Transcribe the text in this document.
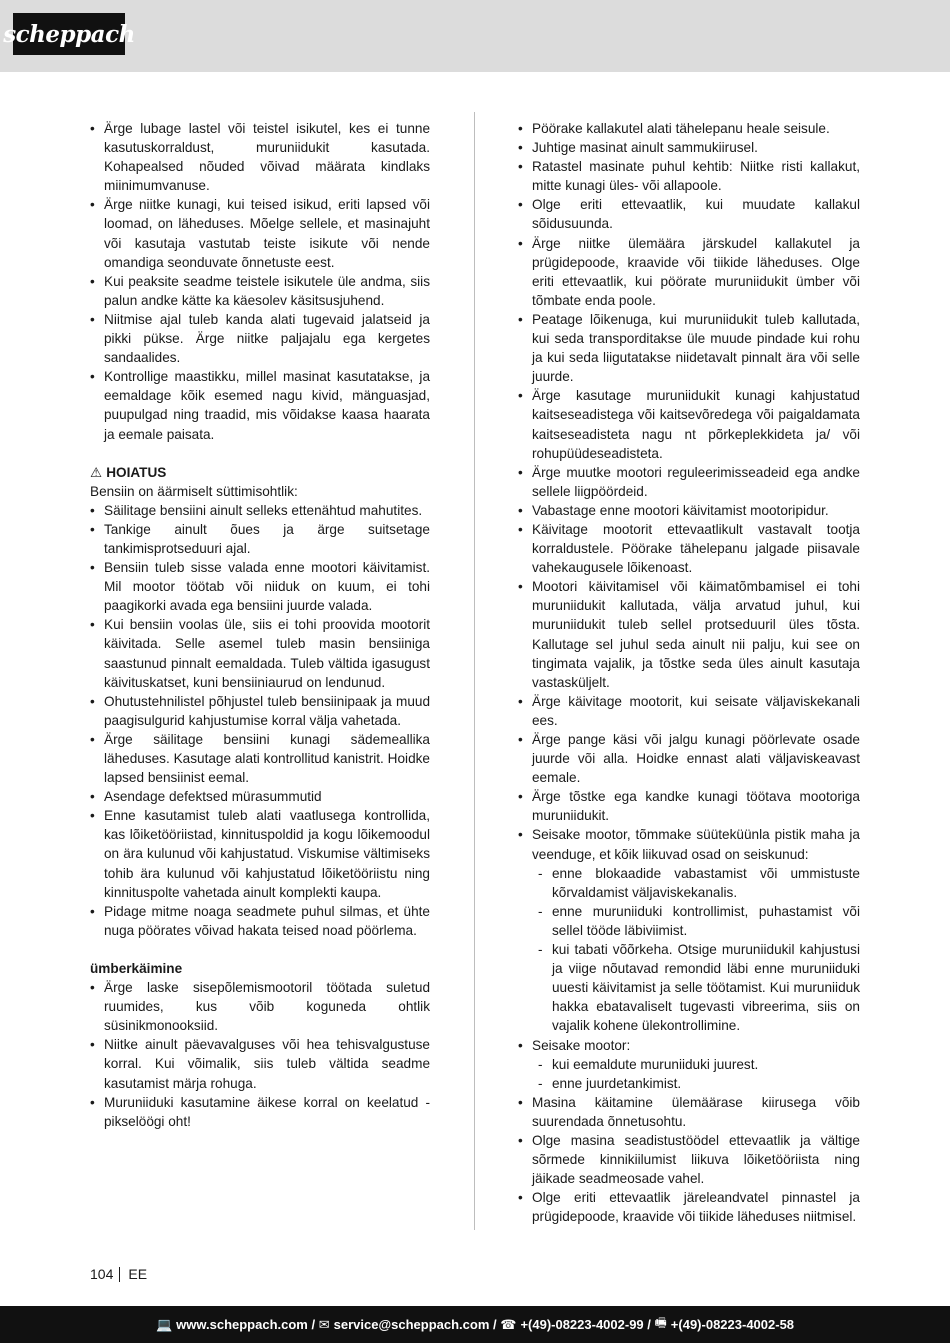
scheppach
• Ärge lubage lastel või teistel isikutel, kes ei tunne kasutuskorraldust, muruniidukit kasutada. Kohapealsed nõuded võivad määrata kindlaks miinimumvanuse.
• Ärge niitke kunagi, kui teised isikud, eriti lapsed või loomad, on läheduses. Mõelge sellele, et masinajuht või kasutaja vastutab teiste isikute või nende omandiga seonduvate õnnetuste eest.
• Kui peaksite seadme teistele isikutele üle andma, siis palun andke kätte ka käesolev käsitsusjuhend.
• Niitmise ajal tuleb kanda alati tugevaid jalatseid ja pikki pükse. Ärge niitke paljajalu ega kergetes sandaalides.
• Kontrollige maastikku, millel masinat kasutatakse, ja eemaldage kõik esemed nagu kivid, mänguasjad, puupulgad ning traadid, mis võidakse kaasa haarata ja eemale paisata.

⚠ HOIATUS

Bensiin on äärmiselt süttimisohtlik:

• Säilitage bensiini ainult selleks ettenähtud mahutites.
• Tankige ainult õues ja ärge suitsetage tankimisprotseduuri ajal.
• Bensiin tuleb sisse valada enne mootori käivitamist. Mil mootor töötab või niiduk on kuum, ei tohi paagikorki avada ega bensiini juurde valada.
• Kui bensiin voolas üle, siis ei tohi proovida mootorit käivitada. Selle asemel tuleb masin bensiiniga saastunud pinnalt eemaldada. Tuleb vältida igasugust käivituskatset, kuni bensiiniaurud on lendunud.
• Ohutustehnilistel põhjustel tuleb bensiinipaak ja muud paagisulgurid kahjustumise korral välja vahetada.
• Ärge säilitage bensiini kunagi sädemeallika läheduses. Kasutage alati kontrollitud kanistrit. Hoidke lapsed bensiinist eemal.
• Asendage defektsed mürasummutid
• Enne kasutamist tuleb alati vaatlusega kontrollida, kas lõiketööriistad, kinnituspoldid ja kogu lõikemoodul on ära kulunud või kahjustatud. Viskumise vältimiseks tohib ära kulunud või kahjustatud lõiketööriistu ning kinnituspolte vahetada ainult komplekti kaupa.
• Pidage mitme noaga seadmete puhul silmas, et ühte nuga pöörates võivad hakata teised noad pöörlema.

ümberkäimine

• Ärge laske sisepõlemismootoril töötada suletud ruumides, kus võib koguneda ohtlik süsinikmonooksiid.
• Niitke ainult päevavalguses või hea tehisvalgustuse korral. Kui võimalik, siis tuleb vältida seadme kasutamist märja rohuga.
• Muruniiduki kasutamine äikese korral on keelatud - pikselöögi oht!
• Pöörake kallakutel alati tähelepanu heale seisule.
• Juhtige masinat ainult sammukiirusel.
• Ratastel masinate puhul kehtib: Niitke risti kallakut, mitte kunagi üles- või allapoole.
• Olge eriti ettevaatlik, kui muudate kallakul sõidusuunda.
• Ärge niitke ülemäära järskudel kallakutel ja prügidepoode, kraavide või tiikide läheduses. Olge eriti ettevaatlik, kui pöörate muruniidukit ümber või tõmbate enda poole.
• Peatage lõikenuga, kui muruniidukit tuleb kallutada, kui seda transporditakse üle muude pindade kui rohu ja kui seda liigutatakse niidetavalt pinnalt ära või selle juurde.
• Ärge kasutage muruniidukit kunagi kahjustatud kaitseseadistega või kaitsevõredega või paigaldamata kaitseseadisteta nagu nt põrkeplekkideta ja/ või rohupüüdeseadisteta.
• Ärge muutke mootori reguleerimisseadeid ega andke sellele liigpöördeid.
• Vabastage enne mootori käivitamist mootoripidur.
• Käivitage mootorit ettevaatlikult vastavalt tootja korraldustele. Pöörake tähelepanu jalgade piisavale vahekaugusele lõikenoast.
• Mootori käivitamisel või käimatõmbamisel ei tohi muruniidukit kallutada, välja arvatud juhul, kui muruniidukit tuleb sellel protseduuril üles tõsta. Kallutage sel juhul seda ainult nii palju, kui see on tingimata vajalik, ja tõstke seda üles ainult kasutaja vastasküljelt.
• Ärge käivitage mootorit, kui seisate väljaviskekanali ees.
• Ärge pange käsi või jalgu kunagi pöörlevate osade juurde või alla. Hoidke ennast alati väljaviskeavast eemale.
• Ärge tõstke ega kandke kunagi töötava mootoriga muruniidukit.
• Seisake mootor, tõmmake süüteküünla pistik maha ja veenduge, et kõik liikuvad osad on seiskunud:
- enne blokaadide vabastamist või ummistuste kõrvaldamist väljaviskekanalis.
- enne muruniiduki kontrollimist, puhastamist või sellel tööde läbiviimist.
- kui tabati võõrkeha. Otsige muruniidukil kahjustusi ja viige nõutavad remondid läbi enne muruniiduki uuesti käivitamist ja selle töötamist. Kui muruniiduk hakka ebatavaliselt tugevasti vibreerima, siis on vajalik kohene ülekontrollimine.
• Seisake mootor:
- kui eemaldute muruniiduki juurest.
- enne juurdetankimist.
• Masina käitamine ülemäärase kiirusega võib suurendada õnnetusohtu.
• Olge masina seadistustöödel ettevaatlik ja vältige sõrmede kinnikiilumist liikuva lõiketööriista ning jäikade seadmeosade vahel.
• Olge eriti ettevaatlik järeleandvatel pinnastel ja prügidepoode, kraavide või tiikide läheduses niitmisel.
104 EE
💻 www.scheppach.com / ✉ service@scheppach.com / ☎ +(49)-08223-4002-99 / 🖷 +(49)-08223-4002-58
